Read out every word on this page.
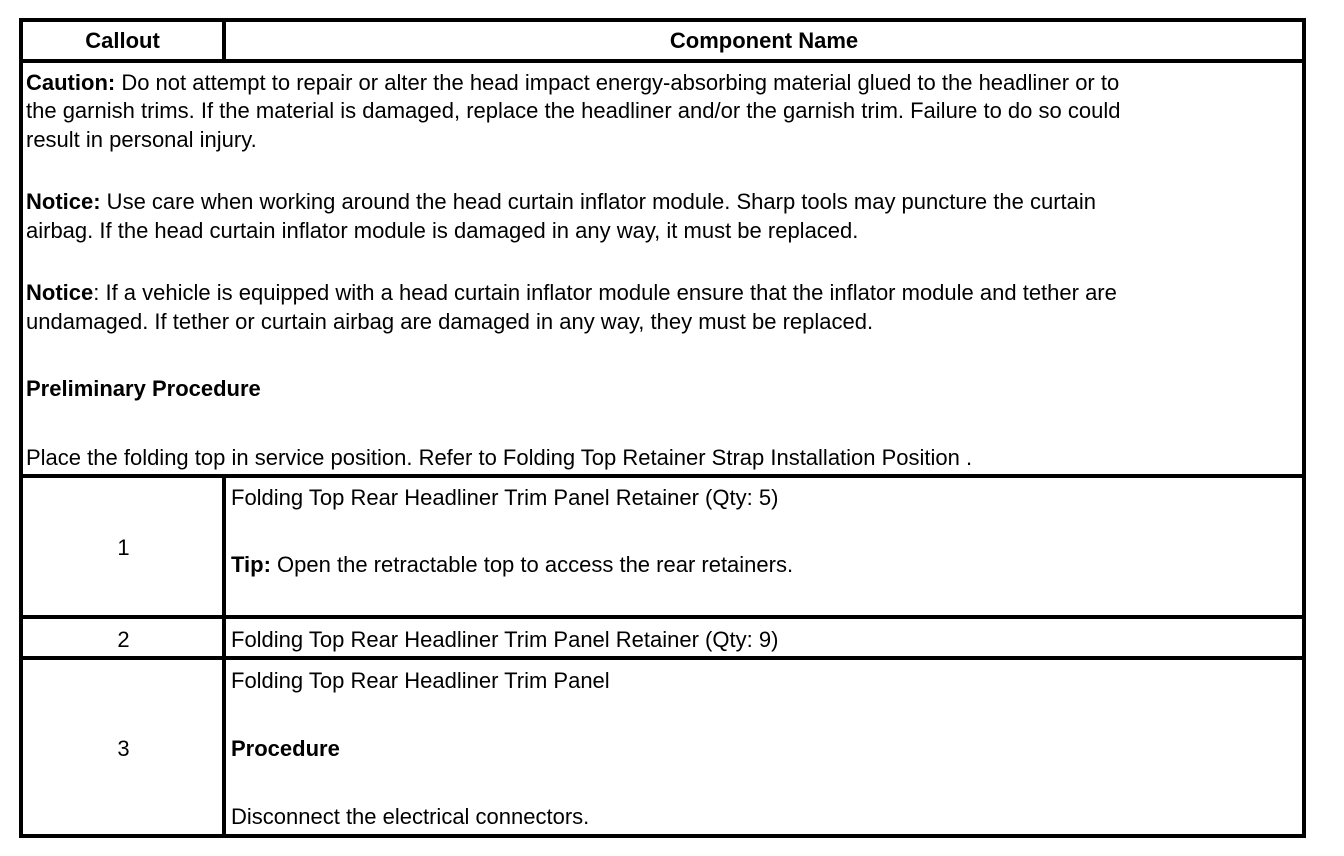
Callout	Component Name
Caution: Do not attempt to repair or alter the head impact energy-absorbing material glued to the headliner or to
the garnish trims. If the material is damaged, replace the headliner and/or the garnish trim. Failure to do so could
result in personal injury.
Notice: Use care when working around the head curtain inflator module. Sharp tools may puncture the curtain
airbag. If the head curtain inflator module is damaged in any way, it must be replaced.
Notice: If a vehicle is equipped with a head curtain inflator module ensure that the inflator module and tether are
undamaged. If tether or curtain airbag are damaged in any way, they must be replaced.
Preliminary Procedure
Place the folding top in service position. Refer to Folding Top Retainer Strap Installation Position .
1
Folding Top Rear Headliner Trim Panel Retainer (Qty: 5)
Tip: Open the retractable top to access the rear retainers.
2	Folding Top Rear Headliner Trim Panel Retainer (Qty: 9)
3
Folding Top Rear Headliner Trim Panel
Procedure
Disconnect the electrical connectors.
